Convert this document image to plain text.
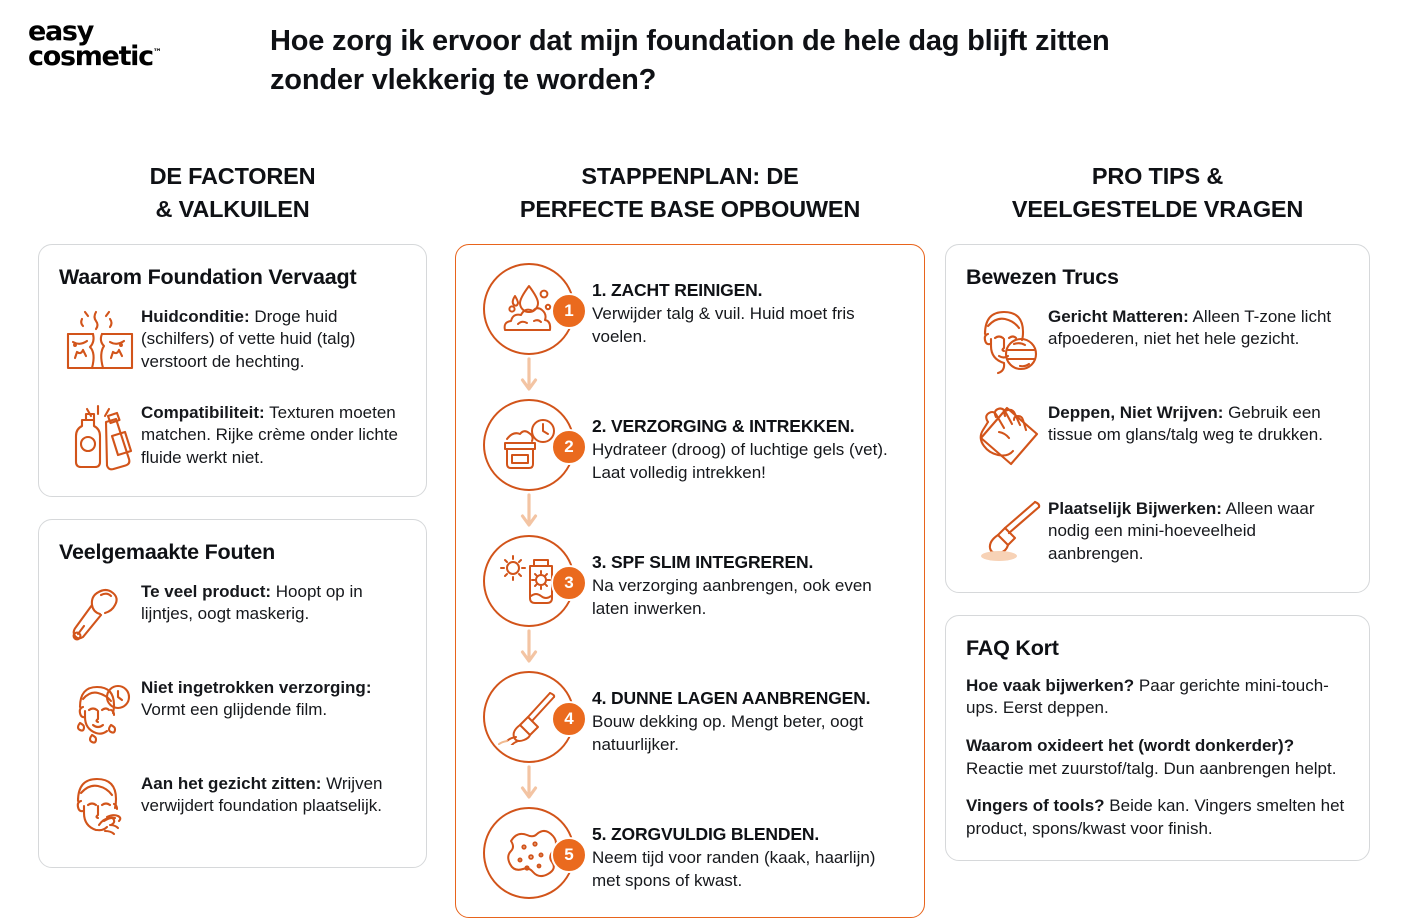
easy
cosmetic™	Hoe zorg ik ervoor dat mijn foundation de hele dag blijft zitten zonder vlekkerig te worden?
DE FACTOREN
& VALKUILEN
Waarom Foundation Vervaagt
Huidconditie: Droge huid (schilfers) of vette huid (talg) verstoort de hechting.
Compatibiliteit: Texturen moeten matchen. Rijke crème onder lichte fluide werkt niet.
Veelgemaakte Fouten
Te veel product: Hoopt op in lijntjes, oogt maskerig.
Niet ingetrokken verzorging: Vormt een glijdende film.
Aan het gezicht zitten: Wrijven verwijdert foundation plaatselijk.
STAPPENPLAN: DE
PERFECTE BASE OPBOUWEN
1
1. ZACHT REINIGEN.
Verwijder talg & vuil. Huid moet fris voelen.
2
2. VERZORGING & INTREKKEN.
Hydrateer (droog) of luchtige gels (vet). Laat volledig intrekken!
3
3. SPF SLIM INTEGREREN.
Na verzorging aanbrengen, ook even laten inwerken.
4
4. DUNNE LAGEN AANBRENGEN.
Bouw dekking op. Mengt beter, oogt natuurlijker.
5
5. ZORGVULDIG BLENDEN.
Neem tijd voor randen (kaak, haarlijn) met spons of kwast.
PRO TIPS &
VEELGESTELDE VRAGEN
Bewezen Trucs
Gericht Matteren: Alleen T-zone licht afpoederen, niet het hele gezicht.
Deppen, Niet Wrijven: Gebruik een tissue om glans/talg weg te drukken.
Plaatselijk Bijwerken: Alleen waar nodig een mini-hoeveelheid aanbrengen.
FAQ Kort
Hoe vaak bijwerken? Paar gerichte mini-touch-ups. Eerst deppen.
Waarom oxideert het (wordt donkerder)? Reactie met zuurstof/talg. Dun aanbrengen helpt.
Vingers of tools? Beide kan. Vingers smelten het product, spons/kwast voor finish.
